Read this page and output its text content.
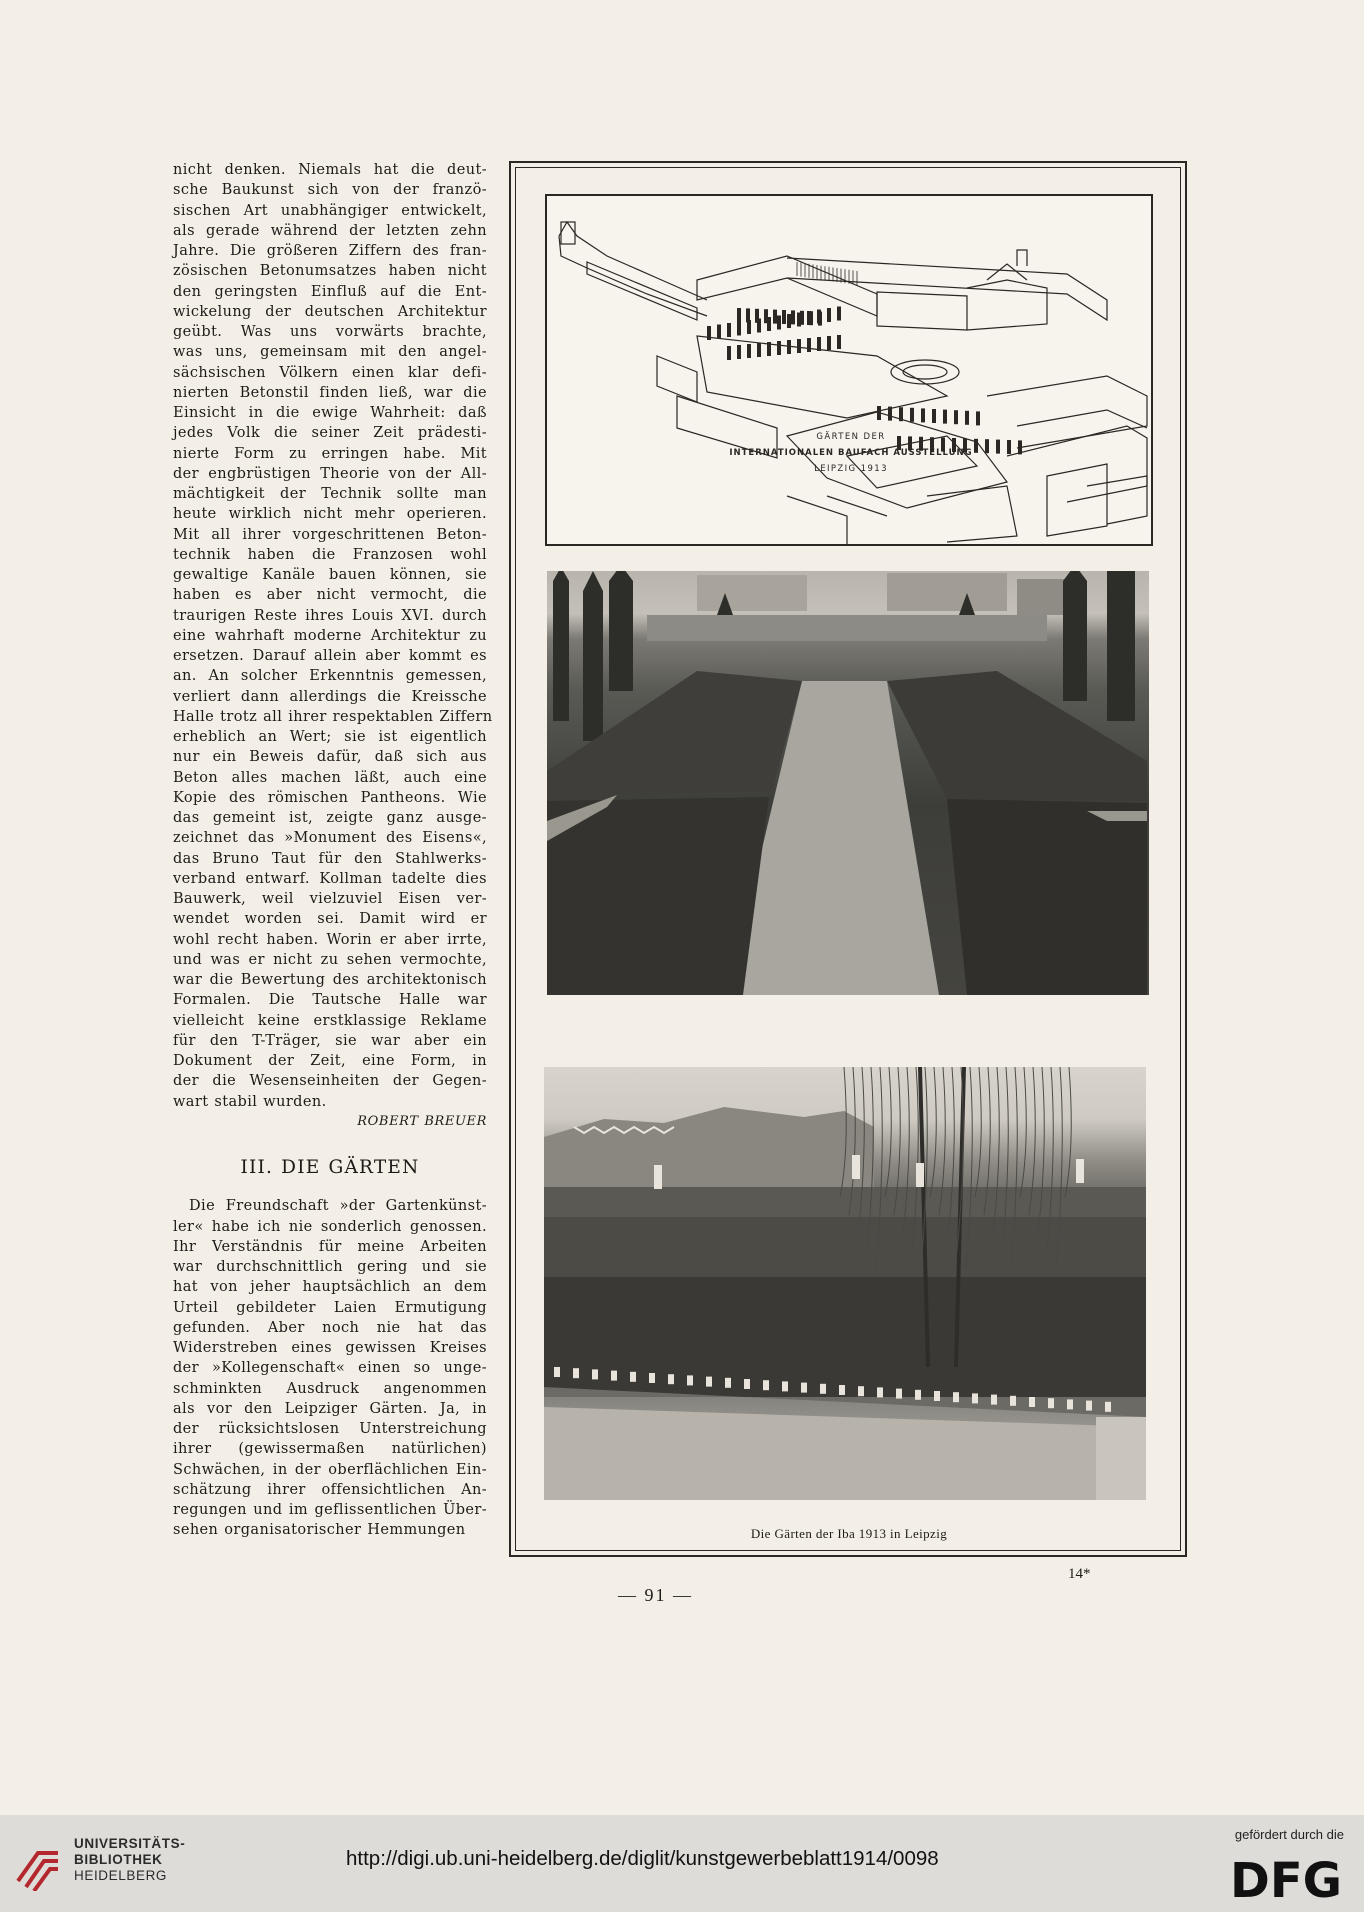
nicht denken. Niemals hat die deut-
sche Baukunst sich von der franzö-
sischen Art unabhängiger entwickelt,
als gerade während der letzten zehn
Jahre. Die größeren Ziffern des fran-
zösischen Betonumsatzes haben nicht
den geringsten Einfluß auf die Ent-
wickelung der deutschen Architektur
geübt. Was uns vorwärts brachte,
was uns, gemeinsam mit den angel-
sächsischen Völkern einen klar defi-
nierten Betonstil finden ließ, war die
Einsicht in die ewige Wahrheit: daß
jedes Volk die seiner Zeit prädesti-
nierte Form zu erringen habe. Mit
der engbrüstigen Theorie von der All-
mächtigkeit der Technik sollte man
heute wirklich nicht mehr operieren.
Mit all ihrer vorgeschrittenen Beton-
technik haben die Franzosen wohl
gewaltige Kanäle bauen können, sie
haben es aber nicht vermocht, die
traurigen Reste ihres Louis XVI. durch
eine wahrhaft moderne Architektur zu
ersetzen. Darauf allein aber kommt es
an. An solcher Erkenntnis gemessen,
verliert dann allerdings die Kreissche
Halle trotz all ihrer respektablen Ziffern
erheblich an Wert; sie ist eigentlich
nur ein Beweis dafür, daß sich aus
Beton alles machen läßt, auch eine
Kopie des römischen Pantheons. Wie
das gemeint ist, zeigte ganz ausge-
zeichnet das »Monument des Eisens«,
das Bruno Taut für den Stahlwerks-
verband entwarf. Kollman tadelte dies
Bauwerk, weil vielzuviel Eisen ver-
wendet worden sei. Damit wird er
wohl recht haben. Worin er aber irrte,
und was er nicht zu sehen vermochte,
war die Bewertung des architektonisch
Formalen. Die Tautsche Halle war
vielleicht keine erstklassige Reklame
für den T-Träger, sie war aber ein
Dokument der Zeit, eine Form, in
der die Wesenseinheiten der Gegen-
wart stabil wurden.
ROBERT BREUER
III. DIE GÄRTEN
Die Freundschaft »der Gartenkünst-
ler« habe ich nie sonderlich genossen.
Ihr Verständnis für meine Arbeiten
war durchschnittlich gering und sie
hat von jeher hauptsächlich an dem
Urteil gebildeter Laien Ermutigung
gefunden. Aber noch nie hat das
Widerstreben eines gewissen Kreises
der »Kollegenschaft« einen so unge-
schminkten Ausdruck angenommen
als vor den Leipziger Gärten. Ja, in
der rücksichtslosen Unterstreichung
ihrer (gewissermaßen natürlichen)
Schwächen, in der oberflächlichen Ein-
schätzung ihrer offensichtlichen An-
regungen und im geflissentlichen Über-
sehen organisatorischer Hemmungen
GÄRTEN DER
INTERNATIONALEN BAUFACH AUSSTELLUNG
LEIPZIG 1913
Die Gärten der Iba 1913 in Leipzig
— 91 —
14*
UNIVERSITÄTS-
BIBLIOTHEK
HEIDELBERG
http://digi.ub.uni-heidelberg.de/diglit/kunstgewerbeblatt1914/0098
gefördert durch die
DFG
